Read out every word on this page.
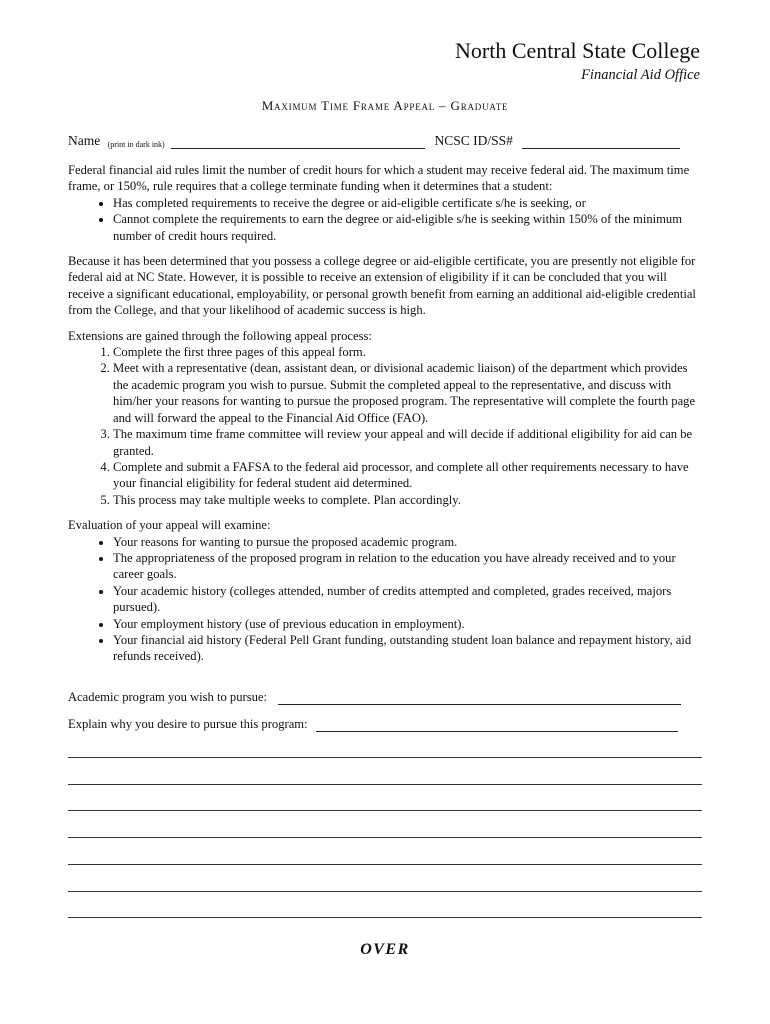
North Central State College
Financial Aid Office
Maximum Time Frame Appeal – Graduate
Name (print in dark ink)	NCSC ID/SS#

Federal financial aid rules limit the number of credit hours for which a student may receive federal aid. The maximum time frame, or 150%, rule requires that a college terminate funding when it determines that a student:

• Has completed requirements to receive the degree or aid-eligible certificate s/he is seeking, or
• Cannot complete the requirements to earn the degree or aid-eligible s/he is seeking within 150% of the minimum number of credit hours required.

Because it has been determined that you possess a college degree or aid-eligible certificate, you are presently not eligible for federal aid at NC State. However, it is possible to receive an extension of eligibility if it can be concluded that you will receive a significant educational, employability, or personal growth benefit from earning an additional aid-eligible credential from the College, and that your likelihood of academic success is high.

Extensions are gained through the following appeal process:

1. Complete the first three pages of this appeal form.
2. Meet with a representative (dean, assistant dean, or divisional academic liaison) of the department which provides the academic program you wish to pursue. Submit the completed appeal to the representative, and discuss with him/her your reasons for wanting to pursue the proposed program. The representative will complete the fourth page and will forward the appeal to the Financial Aid Office (FAO).
3. The maximum time frame committee will review your appeal and will decide if additional eligibility for aid can be granted.
4. Complete and submit a FAFSA to the federal aid processor, and complete all other requirements necessary to have your financial eligibility for federal student aid determined.
5. This process may take multiple weeks to complete. Plan accordingly.

Evaluation of your appeal will examine:

• Your reasons for wanting to pursue the proposed academic program.
• The appropriateness of the proposed program in relation to the education you have already received and to your career goals.
• Your academic history (colleges attended, number of credits attempted and completed, grades received, majors pursued).
• Your employment history (use of previous education in employment).
• Your financial aid history (Federal Pell Grant funding, outstanding student loan balance and repayment history, aid refunds received).
Academic program you wish to pursue:
Explain why you desire to pursue this program:
OVER
